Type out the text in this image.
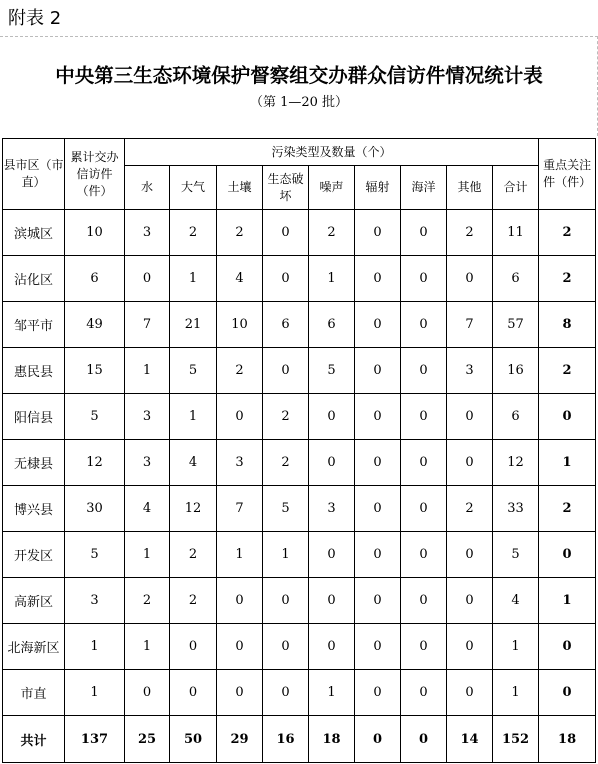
附表 2
中央第三生态环境保护督察组交办群众信访件情况统计表
（第 1—20 批）
县市区（市直）	累计交办信访件（件）	污染类型及数量（个）									重点关注件（件）
		水	大气	土壤	生态破坏	噪声	辐射	海洋	其他	合计	
滨城区	10	3	2	2	0	2	0	0	2	11	2
沾化区	6	0	1	4	0	1	0	0	0	6	2
邹平市	49	7	21	10	6	6	0	0	7	57	8
惠民县	15	1	5	2	0	5	0	0	3	16	2
阳信县	5	3	1	0	2	0	0	0	0	6	0
无棣县	12	3	4	3	2	0	0	0	0	12	1
博兴县	30	4	12	7	5	3	0	0	2	33	2
开发区	5	1	2	1	1	0	0	0	0	5	0
高新区	3	2	2	0	0	0	0	0	0	4	1
北海新区	1	1	0	0	0	0	0	0	0	1	0
市直	1	0	0	0	0	1	0	0	0	1	0
共计	137	25	50	29	16	18	0	0	14	152	18
